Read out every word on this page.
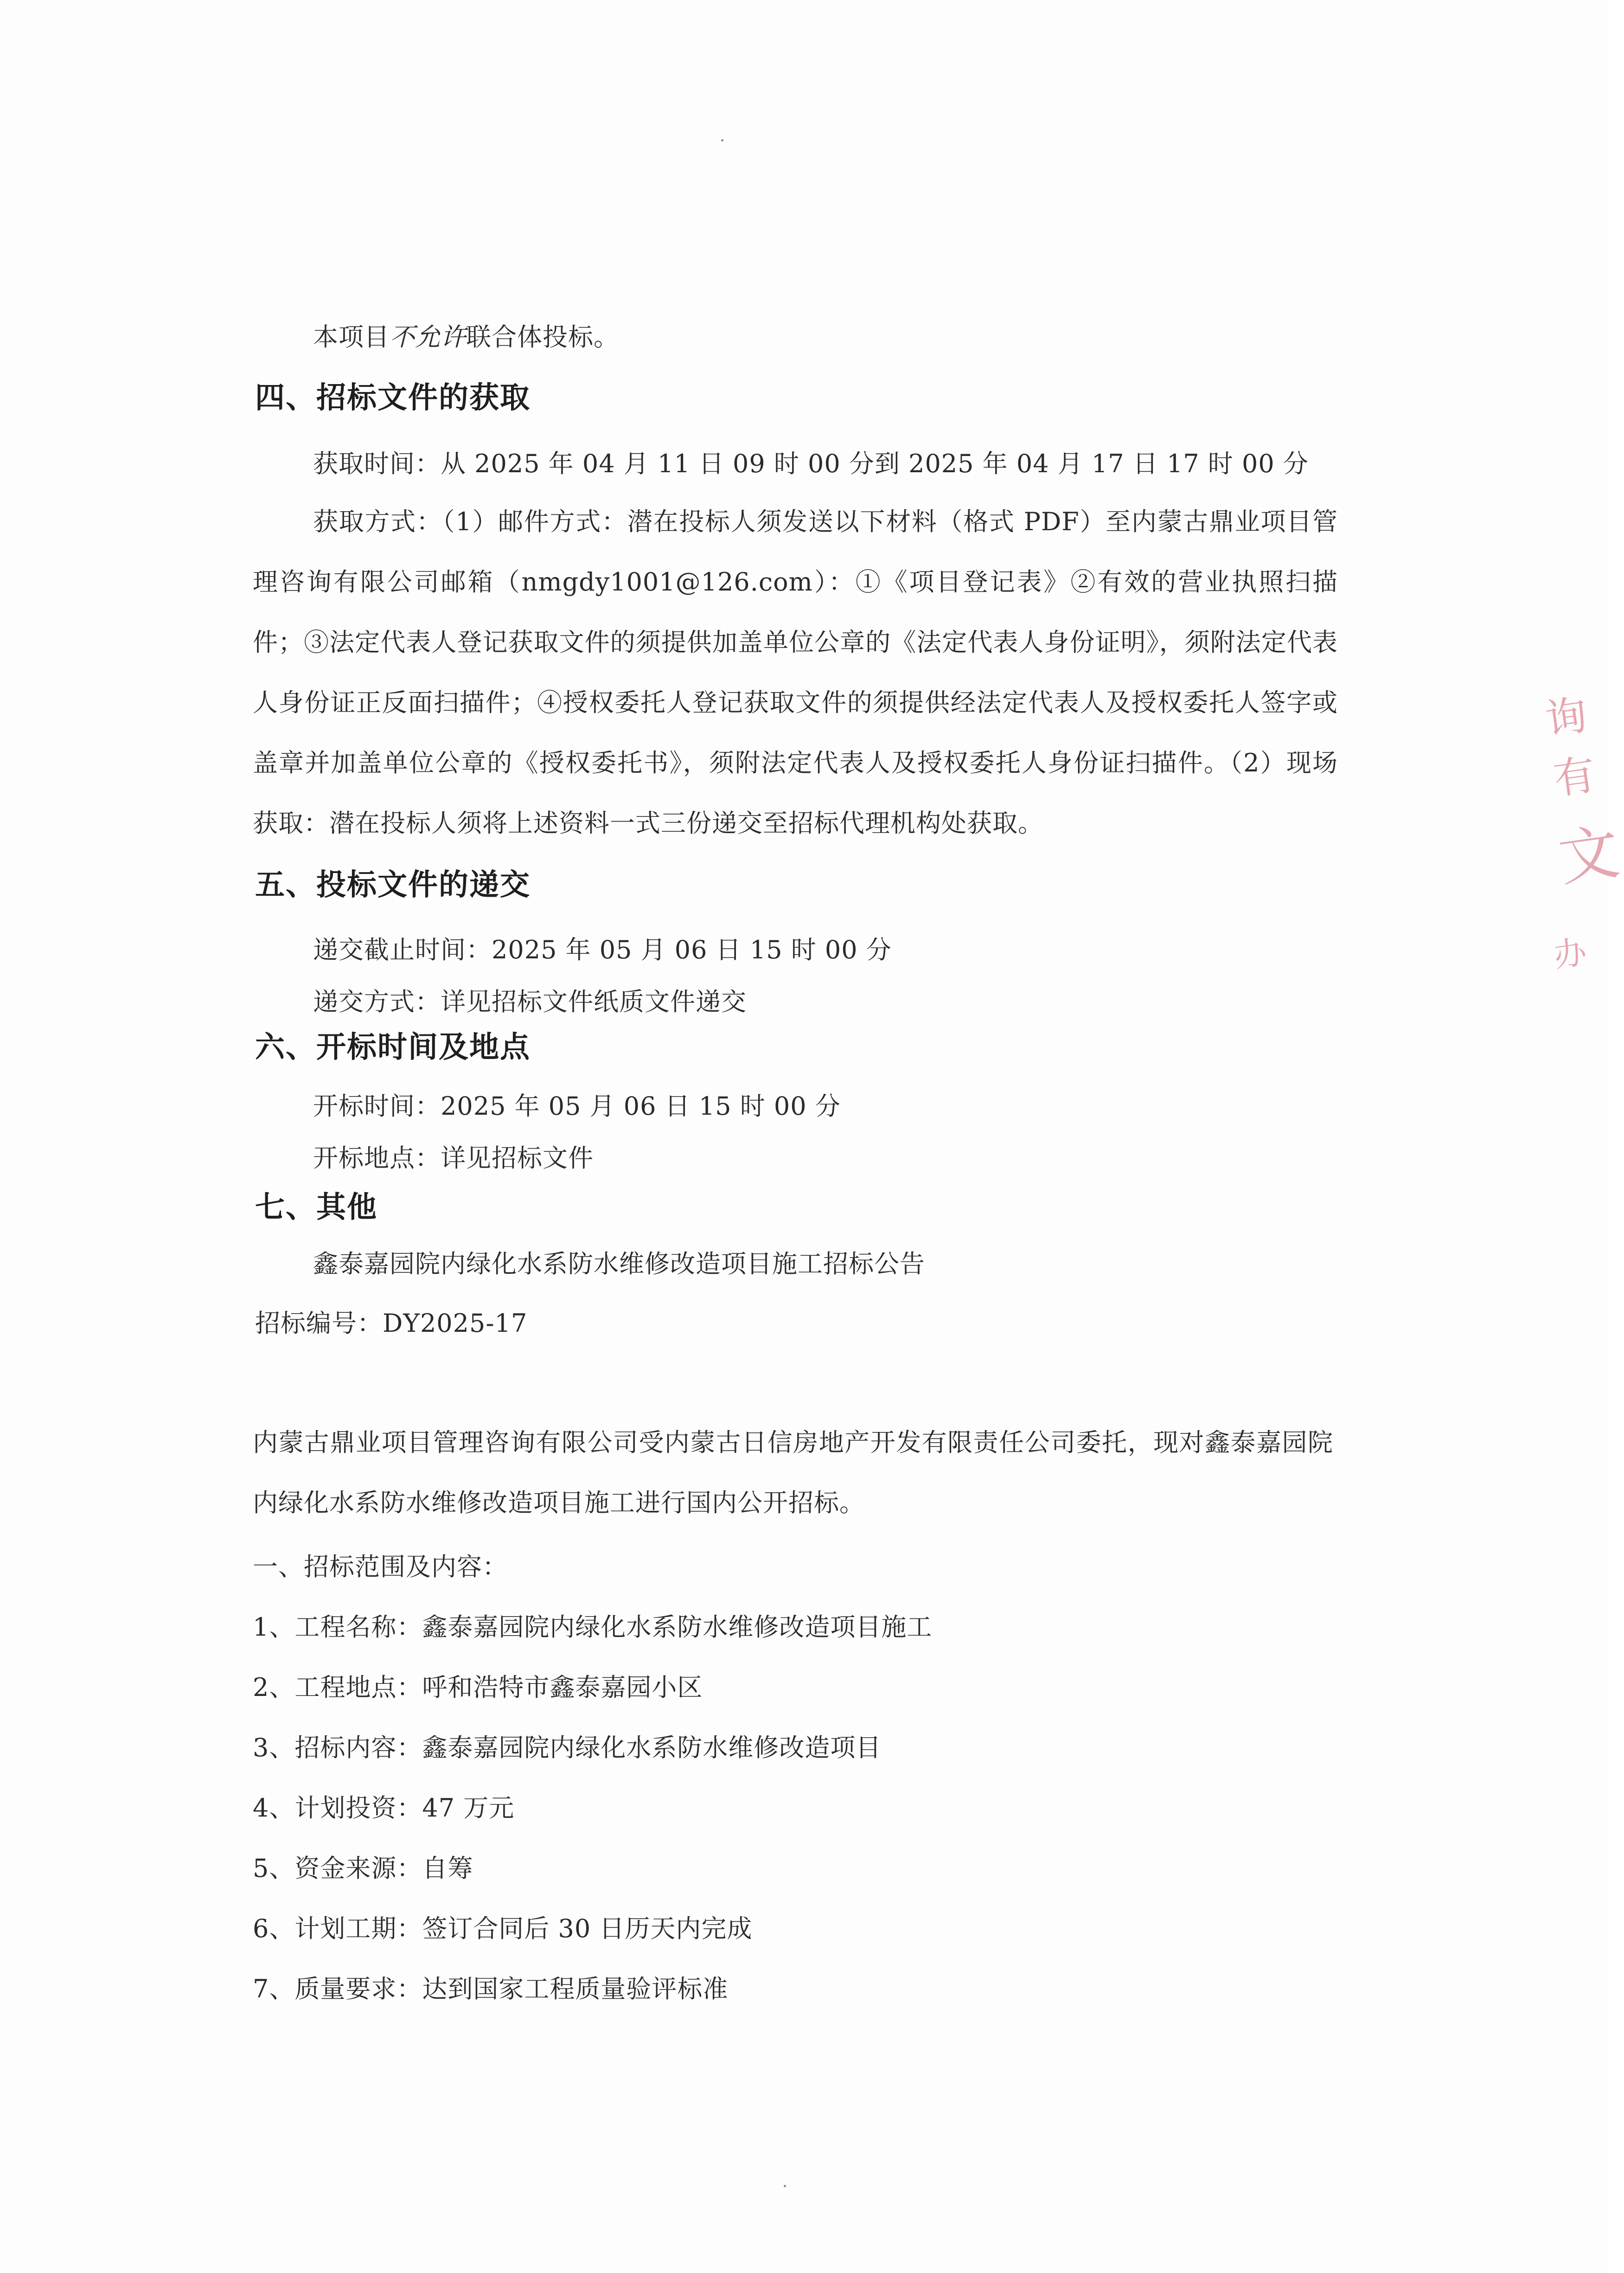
本项目不允许联合体投标。
四、招标文件的获取
获取时间：从 2025 年 04 月 11 日 09 时 00 分到 2025 年 04 月 17 日 17 时 00 分

获取方式：（1）邮件方式：潜在投标人须发送以下材料（格式 PDF）至内蒙古鼎业项目管理咨询有限公司邮箱（nmgdy1001@126.com）：①《项目登记表》②有效的营业执照扫描件；③法定代表人登记获取文件的须提供加盖单位公章的《法定代表人身份证明》，须附法定代表人身份证正反面扫描件；④授权委托人登记获取文件的须提供经法定代表人及授权委托人签字或盖章并加盖单位公章的《授权委托书》，须附法定代表人及授权委托人身份证扫描件。（2）现场获取：潜在投标人须将上述资料一式三份递交至招标代理机构处获取。

五、投标文件的递交
递交截止时间：2025 年 05 月 06 日 15 时 00 分
递交方式：详见招标文件纸质文件递交
六、开标时间及地点
开标时间：2025 年 05 月 06 日 15 时 00 分
开标地点：详见招标文件
七、其他
鑫泰嘉园院内绿化水系防水维修改造项目施工招标公告
招标编号：DY2025-17

内蒙古鼎业项目管理咨询有限公司受内蒙古日信房地产开发有限责任公司委托，现对鑫泰嘉园院内绿化水系防水维修改造项目施工进行国内公开招标。

一、招标范围及内容：
1、工程名称：鑫泰嘉园院内绿化水系防水维修改造项目施工
2、工程地点：呼和浩特市鑫泰嘉园小区
3、招标内容：鑫泰嘉园院内绿化水系防水维修改造项目
4、计划投资：47 万元
5、资金来源：自筹
6、计划工期：签订合同后 30 日历天内完成
7、质量要求：达到国家工程质量验评标准
询有
文
办
